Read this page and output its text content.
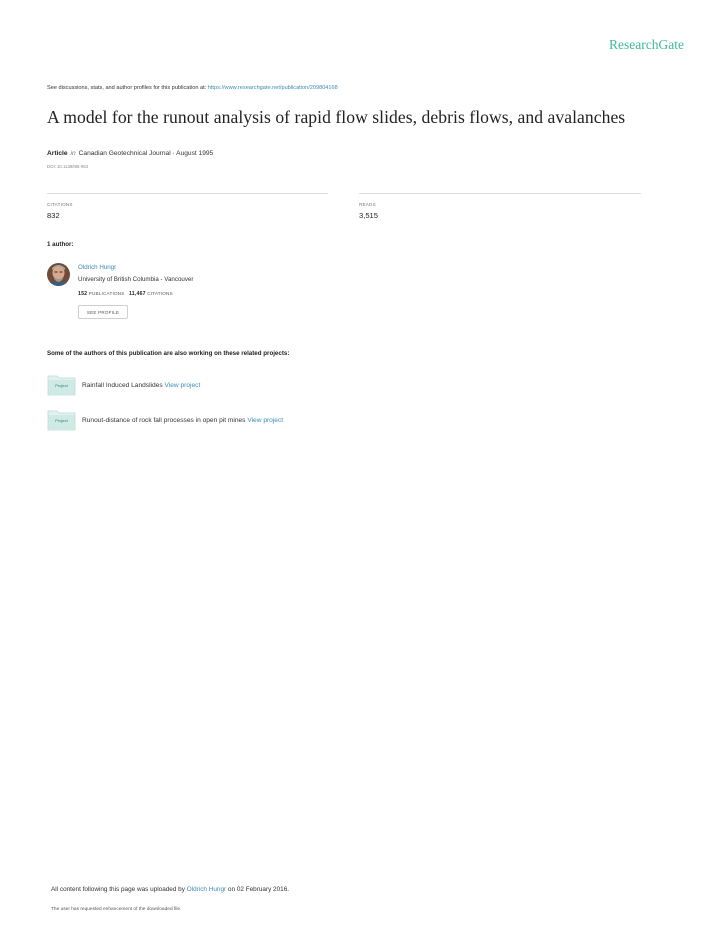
ResearchGate
See discussions, stats, and author profiles for this publication at: https://www.researchgate.net/publication/209804168
A model for the runout analysis of rapid flow slides, debris flows, and avalanches
Article in Canadian Geotechnical Journal · August 1995
DOI: 10.1139/t95-063
CITATIONS
832
READS
3,515
1 author:
Oldrich Hungr
University of British Columbia - Vancouver
152 PUBLICATIONS 11,467 CITATIONS
SEE PROFILE
Some of the authors of this publication are also working on these related projects:
Project	Rainfall Induced Landslides View project
Project	Runout-distance of rock fall processes in open pit mines View project
All content following this page was uploaded by Oldrich Hungr on 02 February 2016.
The user has requested enhancement of the downloaded file.
